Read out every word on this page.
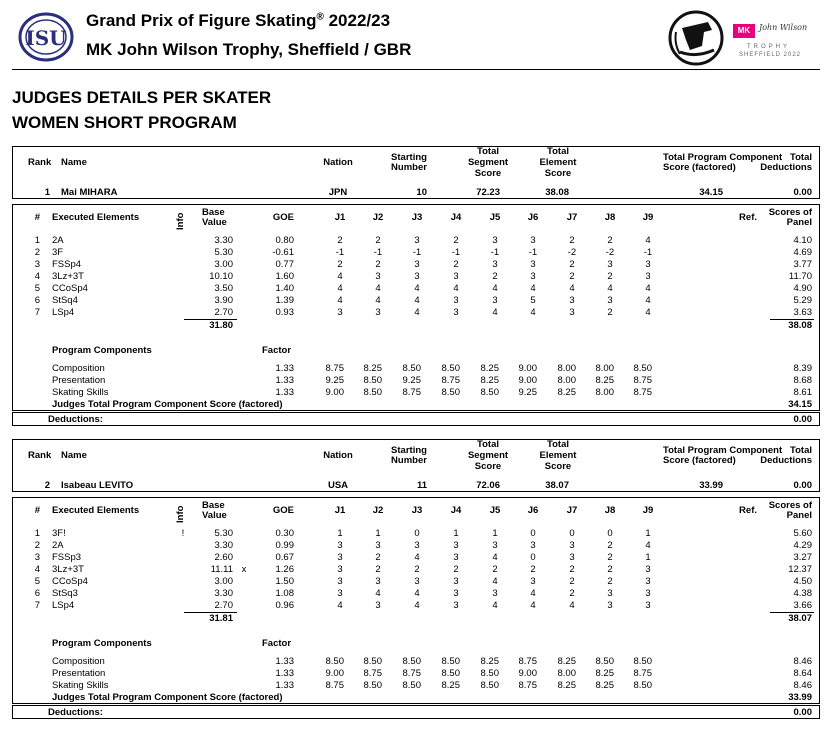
ISU
Grand Prix of Figure Skating® 2022/23
MK John Wilson Trophy, Sheffield / GBR
MK	John Wilson
TROPHY
SHEFFIELD 2022
JUDGES DETAILS PER SKATER
WOMEN SHORT PROGRAM
Rank Name	Nation	Starting
Number
Total
Segment
Score
Total
Element
Score
Total Program Component
Score (factored)
Total
Deductions
1 Mai MIHARA	JPN	10	72.23	38.08	34.15	0.00
# Executed Elements	Info
Base
Value	GOE	J1	J2	J3	J4	J5	J6	J7	J8	J9	Ref.	Scores of
Panel
1 2A	3.30	0.80	2	2	3	2	3	3	2	2	4	4.10
2 3F	5.30	-0.61	-1	-1	-1	-1	-1	-1	-2	-2	-1	4.69
3 FSSp4	3.00	0.77	2	2	3	2	3	3	2	3	3	3.77
4 3Lz+3T	10.10	1.60	4	3	3	3	2	3	2	2	3	11.70
5 CCoSp4	3.50	1.40	4	4	4	4	4	4	4	4	4	4.90
6 StSq4	3.90	1.39	4	4	4	3	3	5	3	3	4	5.29
7 LSp4	2.70	0.93	3	3	4	3	4	4	3	2	4	3.63
31.80	38.08
Program Components	Factor
Composition	1.33	8.75	8.25	8.50	8.50	8.25	9.00	8.00	8.00	8.50	8.39
Presentation	1.33	9.25	8.50	9.25	8.75	8.25	9.00	8.00	8.25	8.75	8.68
Skating Skills	1.33	9.00	8.50	8.75	8.50	8.50	9.25	8.25	8.00	8.75	8.61
Judges Total Program Component Score (factored)	34.15
Deductions:	0.00
Rank Name	Nation	Starting
Number
Total
Segment
Score
Total
Element
Score
Total Program Component
Score (factored)
Total
Deductions
2 Isabeau LEVITO	USA	11	72.06	38.07	33.99	0.00
# Executed Elements	Info
Base
Value	GOE	J1	J2	J3	J4	J5	J6	J7	J8	J9	Ref.	Scores of
Panel
1 3F!	!	5.30	0.30	1	1	0	1	1	0	0	0	1	5.60
2 2A	3.30	0.99	3	3	3	3	3	3	3	2	4	4.29
3 FSSp3	2.60	0.67	3	2	4	3	4	0	3	2	1	3.27
4 3Lz+3T	11.11 x	1.26	3	2	2	2	2	2	2	2	3	12.37
5 CCoSp4	3.00	1.50	3	3	3	3	4	3	2	2	3	4.50
6 StSq3	3.30	1.08	3	4	4	3	3	4	2	3	3	4.38
7 LSp4	2.70	0.96	4	3	4	3	4	4	4	3	3	3.66
31.81	38.07
Program Components	Factor
Composition	1.33	8.50	8.50	8.50	8.50	8.25	8.75	8.25	8.50	8.50	8.46
Presentation	1.33	9.00	8.75	8.75	8.50	8.50	9.00	8.00	8.25	8.75	8.64
Skating Skills	1.33	8.75	8.50	8.50	8.25	8.50	8.75	8.25	8.25	8.50	8.46
Judges Total Program Component Score (factored)	33.99
Deductions:	0.00
